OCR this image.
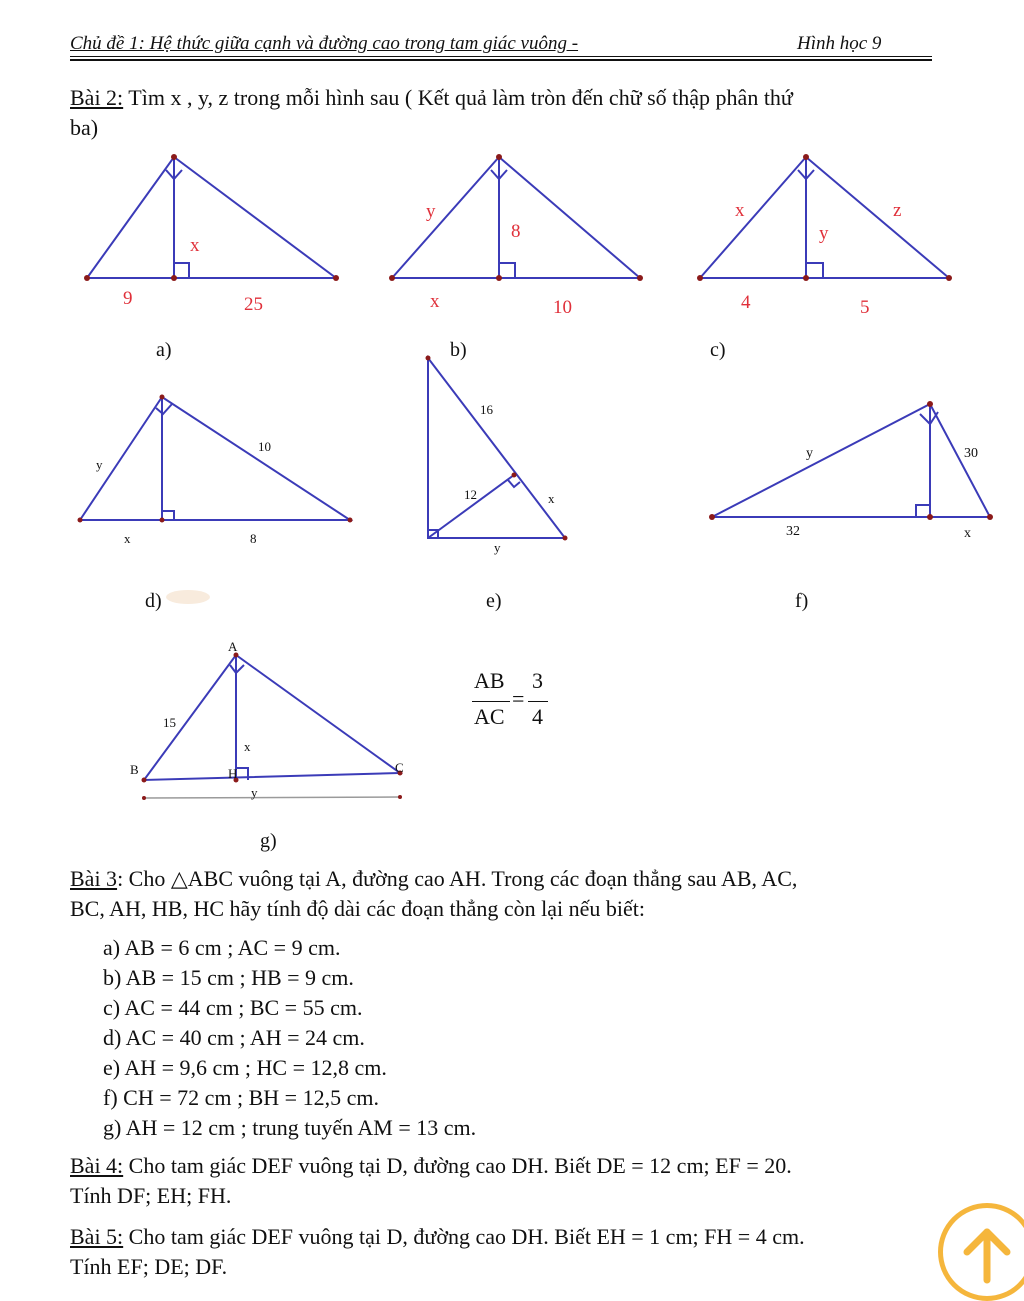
Chủ đề 1: Hệ thức giữa cạnh và đường cao trong tam giác vuông -	Hình học 9
Bài 2: Tìm x , y, z trong mỗi hình sau ( Kết quả làm tròn đến chữ số thập phân thứ
ba)
x
9	25
y
8
x	10
x	z
y
4	5
y
10
x	8
16
12	x
y
y	30
32	x
A
B	C
H
15
x
y
a)	b)	c)
d)	e)	f)
g)
AB
AC
=
3
4
Bài 3: Cho △ABC vuông tại A, đường cao AH. Trong các đoạn thẳng sau AB, AC,
BC, AH, HB, HC hãy tính độ dài các đoạn thẳng còn lại nếu biết:
a) AB = 6 cm ; AC = 9 cm.
b) AB = 15 cm ; HB = 9 cm.
c) AC = 44 cm ; BC = 55 cm.
d) AC = 40 cm ; AH = 24 cm.
e) AH = 9,6 cm ; HC = 12,8 cm.
f) CH = 72 cm ; BH = 12,5 cm.
g) AH = 12 cm ; trung tuyến AM = 13 cm.
Bài 4: Cho tam giác DEF vuông tại D, đường cao DH. Biết DE = 12 cm; EF = 20.
Tính DF; EH; FH.
Bài 5: Cho tam giác DEF vuông tại D, đường cao DH. Biết EH = 1 cm; FH = 4 cm.
Tính EF; DE; DF.
